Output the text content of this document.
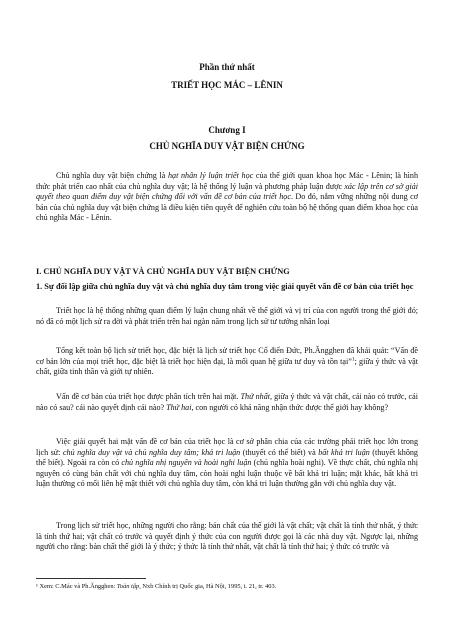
Phần thứ nhất
TRIẾT HỌC MÁC – LÊNIN
Chương I
CHỦ NGHĨA DUY VẬT BIỆN CHỨNG

Chủ nghĩa duy vật biện chứng là hạt nhân lý luận triết học của thế giới quan khoa học Mác - Lênin; là hình thức phát triển cao nhất của chủ nghĩa duy vật; là hệ thống lý luận và phương pháp luận được xác lập trên cơ sở giải quyết theo quan điểm duy vật biện chứng đối với vấn đề cơ bản của triết học. Do đó, nắm vững những nội dung cơ bản của chủ nghĩa duy vật biện chứng là điều kiện tiên quyết để nghiên cứu toàn bộ hệ thống quan điểm khoa học của chủ nghĩa Mác - Lênin.

I. CHỦ NGHĨA DUY VẬT VÀ CHỦ NGHĨA DUY VẬT BIỆN CHỨNG
1. Sự đối lập giữa chủ nghĩa duy vật và chủ nghĩa duy tâm trong việc giải quyết vấn đề cơ bản của triết học

Triết học là hệ thống những quan điểm lý luận chung nhất về thế giới và vị trí của con người trong thế giới đó; nó đã có một lịch sử ra đời và phát triển trên hai ngàn năm trong lịch sử tư tưởng nhân loại

Tổng kết toàn bộ lịch sử triết học, đặc biệt là lịch sử triết học Cổ điển Đức, Ph.Ăngghen đã khái quát: “Vấn đề cơ bản lớn của mọi triết học, đặc biệt là triết học hiện đại, là mối quan hệ giữa tư duy và tồn tại”$^1$; giữa ý thức và vật chất, giữa tinh thần và giới tự nhiên.

Vấn đề cơ bản của triết học được phân tích trên hai mặt. Thứ nhất, giữa ý thức và vật chất, cái nào có trước, cái nào có sau? cái nào quyết định cái nào? Thứ hai, con người có khả năng nhận thức được thế giới hay không?

Việc giải quyết hai mặt vấn đề cơ bản của triết học là cơ sở phân chia của các trường phái triết học lớn trong lịch sử: chủ nghĩa duy vật và chủ nghĩa duy tâm; khả tri luận (thuyết có thể biết) và bất khả tri luận (thuyết không thể biết). Ngoài ra còn có chủ nghĩa nhị nguyên và hoài nghi luận (chủ nghĩa hoài nghi). Về thực chất, chủ nghĩa nhị nguyên có cùng bản chất với chủ nghĩa duy tâm, còn hoài nghi luận thuộc về bất khả tri luận; mặt khác, bất khả tri luận thường có mối liên hệ mật thiết với chủ nghĩa duy tâm, còn khả tri luận thường gắn với chủ nghĩa duy vật.

Trong lịch sử triết học, những người cho rằng: bản chất của thế giới là vật chất; vật chất là tính thứ nhất, ý thức là tính thứ hai; vật chất có trước và quyết định ý thức của con người được gọi là các nhà duy vật. Ngược lại, những người cho rằng: bản chất thế giới là ý thức; ý thức là tính thứ nhất, vật chất là tính thứ hai; ý thức có trước và

¹ Xem: C.Mác và Ph.Ăngghen: Toàn tập, Nxb Chính trị Quốc gia, Hà Nội, 1995, t. 21, tr. 403.
